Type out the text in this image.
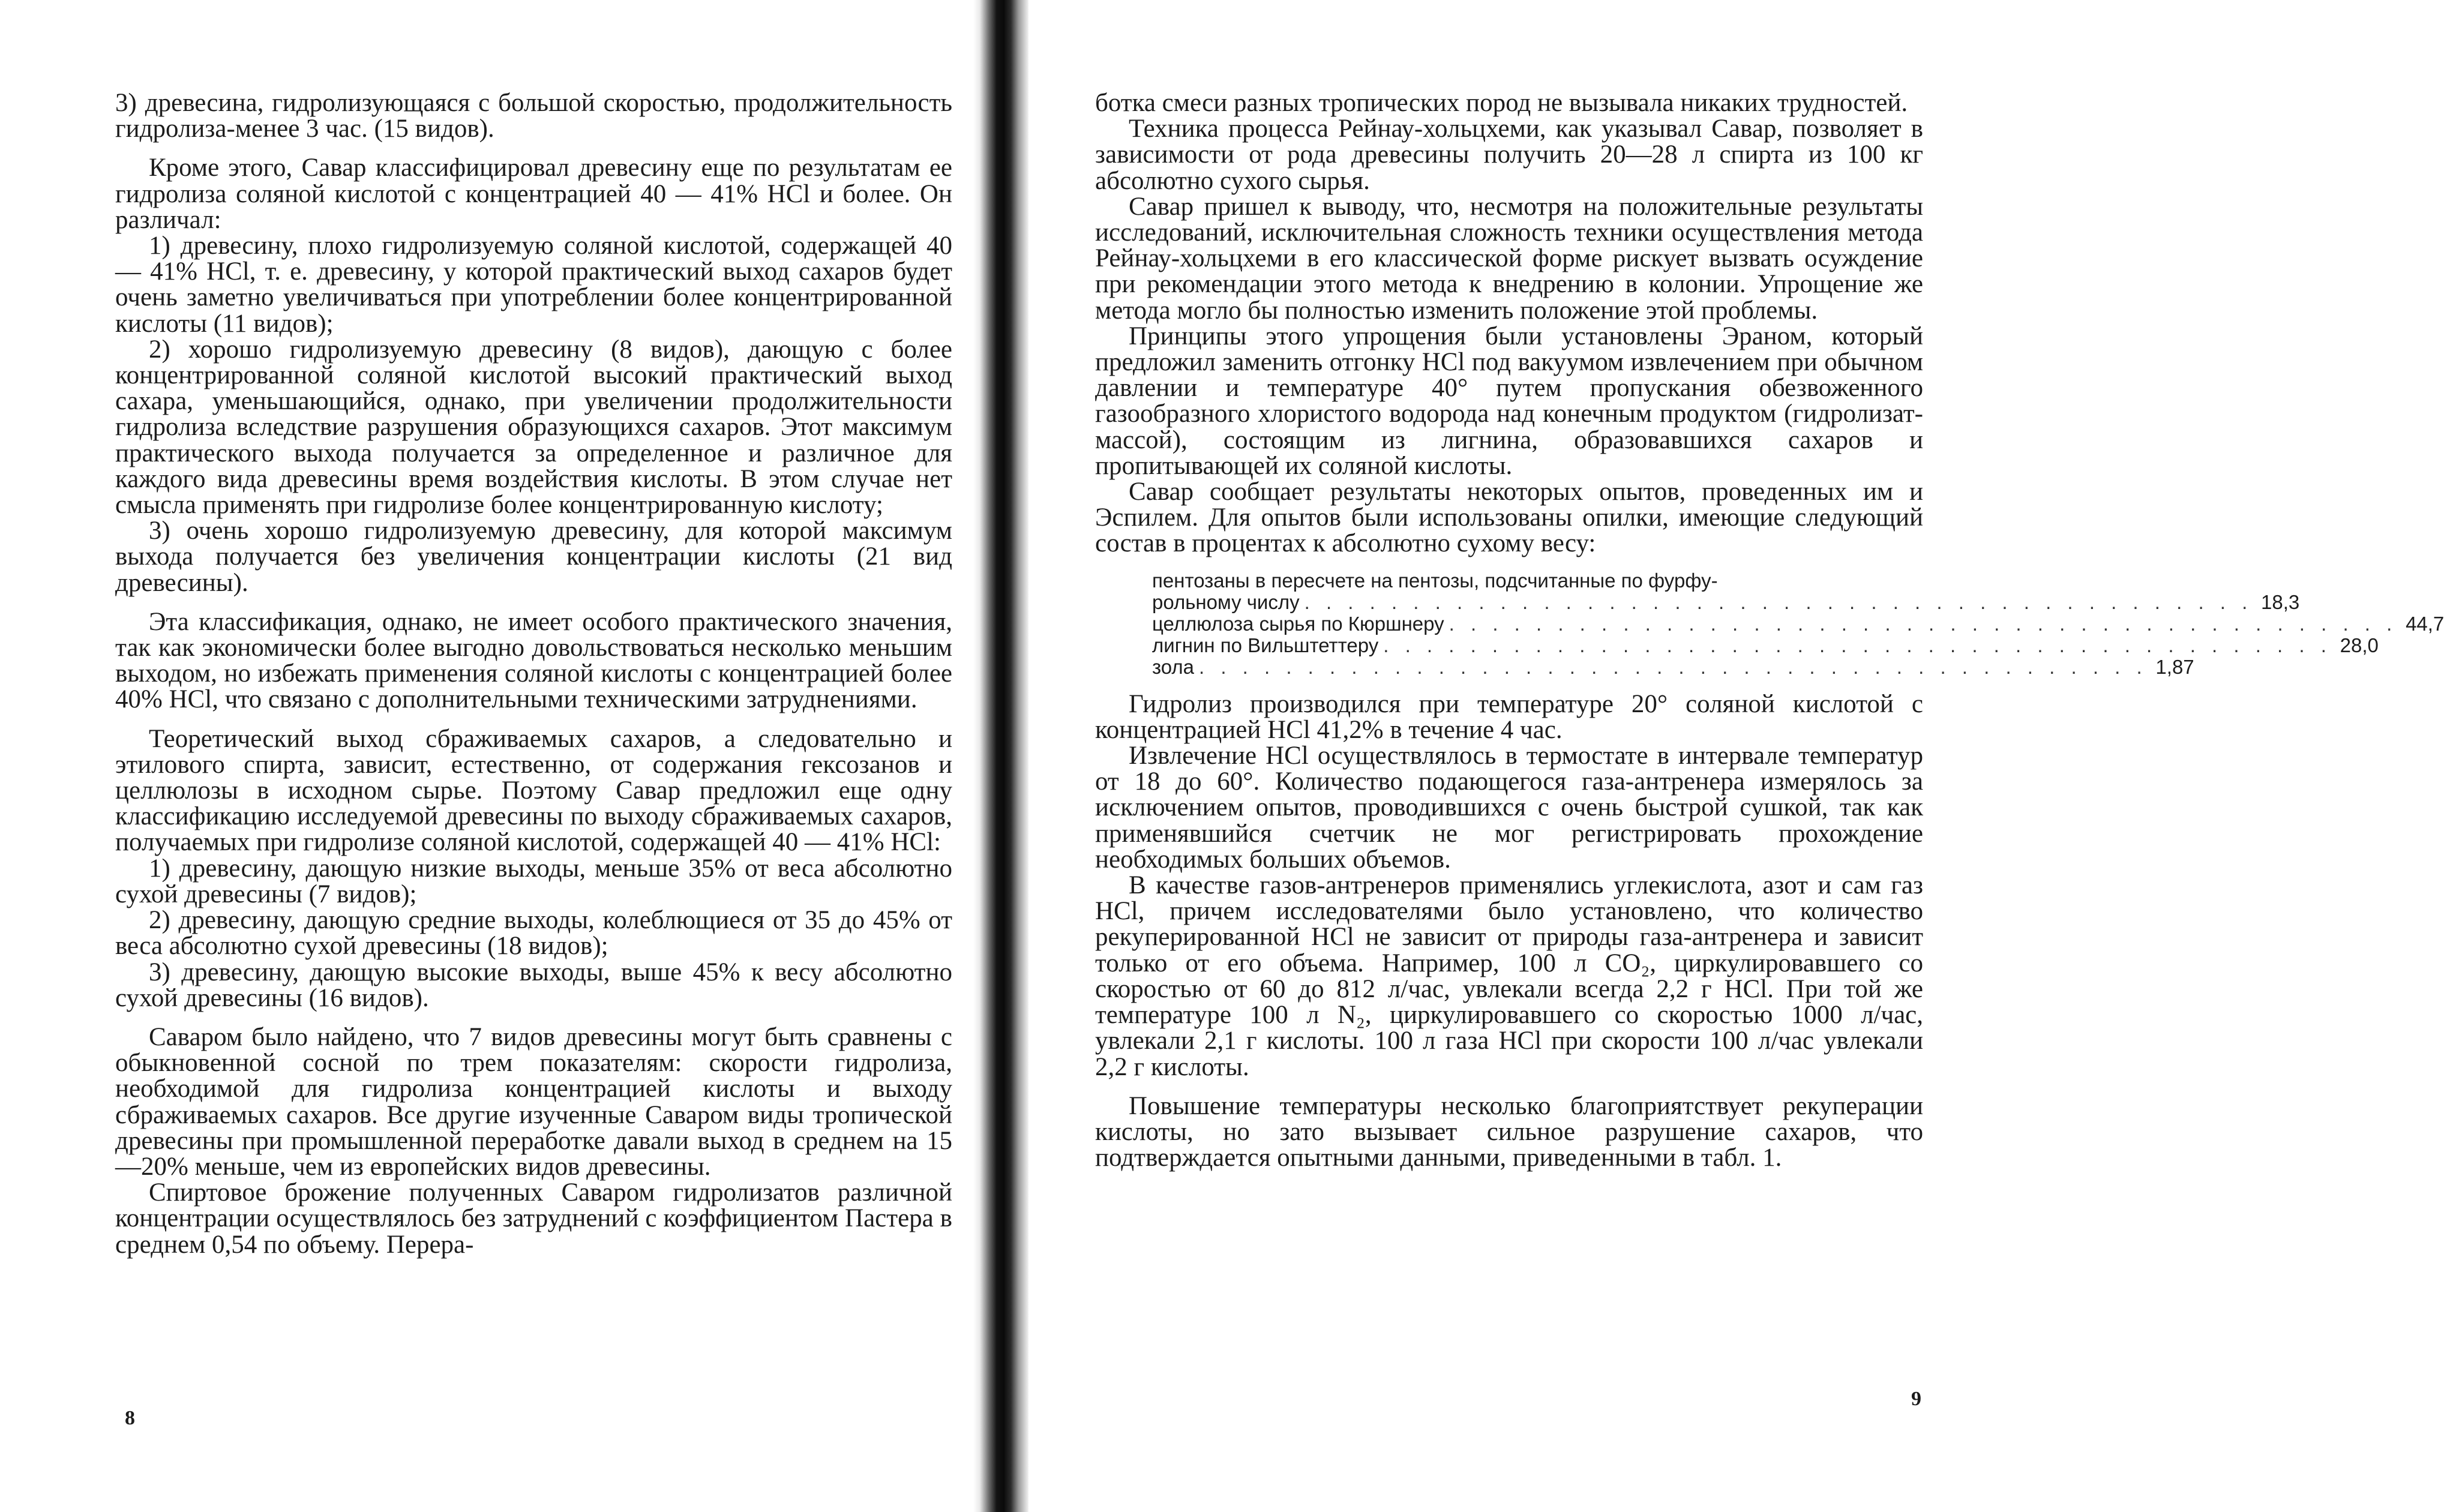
3) древесина, гидролизующаяся с большой скоростью, продолжительность гидролиза-менее 3 час. (15 видов).

Кроме этого, Савар классифицировал древесину еще по результатам ее гидролиза соляной кислотой с концентрацией 40 — 41% HCl и более. Он различал:

1) древесину, плохо гидролизуемую соляной кислотой, содержащей 40 — 41% HCl, т. е. древесину, у которой практический выход сахаров будет очень заметно увеличиваться при употреблении более концентрированной кислоты (11 видов);

2) хорошо гидролизуемую древесину (8 видов), дающую с более концентрированной соляной кислотой высокий практический выход сахара, уменьшающийся, однако, при увеличении продолжительности гидролиза вследствие разрушения образующихся сахаров. Этот максимум практического выхода получается за определенное и различное для каждого вида древесины время воздействия кислоты. В этом случае нет смысла применять при гидролизе более концентрированную кислоту;

3) очень хорошо гидролизуемую древесину, для которой максимум выхода получается без увеличения концентрации кислоты (21 вид древесины).

Эта классификация, однако, не имеет особого практического значения, так как экономически более выгодно довольствоваться несколько меньшим выходом, но избежать применения соляной кислоты с концентрацией более 40% HCl, что связано с дополнительными техническими затруднениями.

Теоретический выход сбраживаемых сахаров, а следовательно и этилового спирта, зависит, естественно, от содержания гексозанов и целлюлозы в исходном сырье. Поэтому Савар предложил еще одну классификацию исследуемой древесины по выходу сбраживаемых сахаров, получаемых при гидролизе соляной кислотой, содержащей 40 — 41% HCl:

1) древесину, дающую низкие выходы, меньше 35% от веса абсолютно сухой древесины (7 видов);

2) древесину, дающую средние выходы, колеблющиеся от 35 до 45% от веса абсолютно сухой древесины (18 видов);

3) древесину, дающую высокие выходы, выше 45% к весу абсолютно сухой древесины (16 видов).

Саваром было найдено, что 7 видов древесины могут быть сравнены с обыкновенной сосной по трем показателям: скорости гидролиза, необходимой для гидролиза концентрацией кислоты и выходу сбраживаемых сахаров. Все другие изученные Саваром виды тропической древесины при промышленной переработке давали выход в среднем на 15—20% меньше, чем из европейских видов древесины.

Спиртовое брожение полученных Саваром гидролизатов различной концентрации осуществлялось без затруднений с коэффициентом Пастера в среднем 0,54 по объему. Перера-

8

ботка смеси разных тропических пород не вызывала никаких трудностей.

Техника процесса Рейнау-хольцхеми, как указывал Савар, позволяет в зависимости от рода древесины получить 20—28 л спирта из 100 кг абсолютно сухого сырья.

Савар пришел к выводу, что, несмотря на положительные результаты исследований, исключительная сложность техники осуществления метода Рейнау-хольцхеми в его классической форме рискует вызвать осуждение при рекомендации этого метода к внедрению в колонии. Упрощение же метода могло бы полностью изменить положение этой проблемы.

Принципы этого упрощения были установлены Эраном, который предложил заменить отгонку HCl под вакуумом извлечением при обычном давлении и температуре 40° путем пропускания обезвоженного газообразного хлористого водорода над конечным продуктом (гидролизат-массой), состоящим из лигнина, образовавшихся сахаров и пропитывающей их соляной кислоты.

Савар сообщает результаты некоторых опытов, проведенных им и Эспилем. Для опытов были использованы опилки, имеющие следующий состав в процентах к абсолютно сухому весу:

пентозаны в пересчете на пентозы, подсчитанные по фурфу-
рольному числу . . . . . . . . . . . . . . . . . . . . . . . . . . . . . . . . . . . . . . . . . . . . 18,3
целлюлоза сырья по Кюршнеру . . . . . . . . . . . . . . . . . . . . . . . . . . . . . . . . . . . . . . . . . . . . 44,7
лигнин по Вильштеттеру . . . . . . . . . . . . . . . . . . . . . . . . . . . . . . . . . . . . . . . . . . . . 28,0
зола . . . . . . . . . . . . . . . . . . . . . . . . . . . . . . . . . . . . . . . . . . . . 1,87

Гидролиз производился при температуре 20° соляной кислотой с концентрацией HCl 41,2% в течение 4 час.

Извлечение HCl осуществлялось в термостате в интервале температур от 18 до 60°. Количество подающегося газа-антренера измерялось за исключением опытов, проводившихся с очень быстрой сушкой, так как применявшийся счетчик не мог регистрировать прохождение необходимых больших объемов.

В качестве газов-антренеров применялись углекислота, азот и сам газ HCl, причем исследователями было установлено, что количество рекуперированной HCl не зависит от природы газа-антренера и зависит только от его объема. Например, 100 л CO₂, циркулировавшего со скоростью от 60 до 812 л/час, увлекали всегда 2,2 г HCl. При той же температуре 100 л N₂, циркулировавшего со скоростью 1000 л/час, увлекали 2,1 г кислоты. 100 л газа HCl при скорости 100 л/час увлекали 2,2 г кислоты.

Повышение температуры несколько благоприятствует рекуперации кислоты, но зато вызывает сильное разрушение сахаров, что подтверждается опытными данными, приведенными в табл. 1.

9
